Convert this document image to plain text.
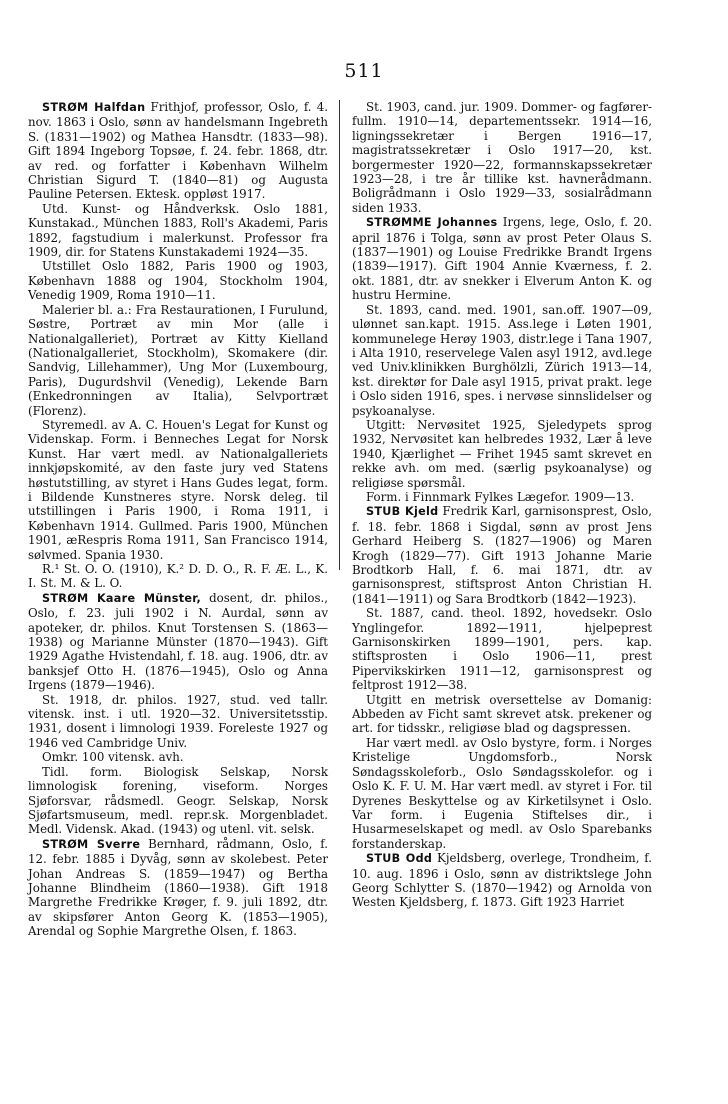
511

STRØM Halfdan Frithjof, professor, Oslo, f. 4. nov. 1863 i Oslo, sønn av handelsmann Ingebreth S. (1831—1902) og Mathea Hansdtr. (1833—98). Gift 1894 Ingeborg Topsøe, f. 24. febr. 1868, dtr. av red. og forfatter i København Wilhelm Christian Sigurd T. (1840—81) og Augusta Pauline Petersen. Ektesk. oppløst 1917.

Utd. Kunst- og Håndverksk. Oslo 1881, Kunstakad., München 1883, Roll's Akademi, Paris 1892, fagstudium i malerkunst. Professor fra 1909, dir. for Statens Kunstakademi 1924—35.

Utstillet Oslo 1882, Paris 1900 og 1903, København 1888 og 1904, Stockholm 1904, Venedig 1909, Roma 1910—11.

Malerier bl. a.: Fra Restaurationen, I Furulund, Søstre, Portræt av min Mor (alle i Nationalgalleriet), Portræt av Kitty Kielland (Nationalgalleriet, Stockholm), Skomakere (dir. Sandvig, Lillehammer), Ung Mor (Luxembourg, Paris), Dugurdshvil (Venedig), Lekende Barn (Enkedronningen av Italia), Selvportræt (Florenz).

Styremedl. av A. C. Houen's Legat for Kunst og Videnskap. Form. i Benneches Legat for Norsk Kunst. Har vært medl. av Nationalgalleriets innkjøpskomité, av den faste jury ved Statens høstutstilling, av styret i Hans Gudes legat, form. i Bildende Kunstneres styre. Norsk deleg. til utstillingen i Paris 1900, i Roma 1911, i København 1914. Gullmed. Paris 1900, München 1901, æRespris Roma 1911, San Francisco 1914, sølvmed. Spania 1930.

R.¹ St. O. O. (1910), K.² D. D. O., R. F. Æ. L., K. I. St. M. & L. O.

STRØM Kaare Münster, dosent, dr. philos., Oslo, f. 23. juli 1902 i N. Aurdal, sønn av apoteker, dr. philos. Knut Torstensen S. (1863—1938) og Marianne Münster (1870—1943). Gift 1929 Agathe Hvistendahl, f. 18. aug. 1906, dtr. av banksjef Otto H. (1876—1945), Oslo og Anna Irgens (1879—1946).

St. 1918, dr. philos. 1927, stud. ved tallr. vitensk. inst. i utl. 1920—32. Universitetsstip. 1931, dosent i limnologi 1939. Foreleste 1927 og 1946 ved Cambridge Univ.

Omkr. 100 vitensk. avh.

Tidl. form. Biologisk Selskap, Norsk limnologisk forening, viseform. Norges Sjøforsvar, rådsmedl. Geogr. Selskap, Norsk Sjøfartsmuseum, medl. repr.sk. Morgenbladet. Medl. Vidensk. Akad. (1943) og utenl. vit. selsk.

STRØM Sverre Bernhard, rådmann, Oslo, f. 12. febr. 1885 i Dyvåg, sønn av skolebest. Peter Johan Andreas S. (1859—1947) og Bertha Johanne Blindheim (1860—1938). Gift 1918 Margrethe Fredrikke Krøger, f. 9. juli 1892, dtr. av skipsfører Anton Georg K. (1853—1905), Arendal og Sophie Margrethe Olsen, f. 1863.

St. 1903, cand. jur. 1909. Dommer- og fagførerfullm. 1910—14, departementssekr. 1914—16, ligningssekretær i Bergen 1916—17, magistratssekretær i Oslo 1917—20, kst. borgermester 1920—22, formannskapssekretær 1923—28, i tre år tillike kst. havnerådmann. Boligrådmann i Oslo 1929—33, sosialrådmann siden 1933.

STRØMME Johannes Irgens, lege, Oslo, f. 20. april 1876 i Tolga, sønn av prost Peter Olaus S. (1837—1901) og Louise Fredrikke Brandt Irgens (1839—1917). Gift 1904 Annie Kværness, f. 2. okt. 1881, dtr. av snekker i Elverum Anton K. og hustru Hermine.

St. 1893, cand. med. 1901, san.off. 1907—09, ulønnet san.kapt. 1915. Ass.lege i Løten 1901, kommunelege Herøy 1903, distr.lege i Tana 1907, i Alta 1910, reservelege Valen asyl 1912, avd.lege ved Univ.klinikken Burghölzli, Zürich 1913—14, kst. direktør for Dale asyl 1915, privat prakt. lege i Oslo siden 1916, spes. i nervøse sinnslidelser og psykoanalyse.

Utgitt: Nervøsitet 1925, Sjeledypets sprog 1932, Nervøsitet kan helbredes 1932, Lær å leve 1940, Kjærlighet — Frihet 1945 samt skrevet en rekke avh. om med. (særlig psykoanalyse) og religiøse spørsmål.

Form. i Finnmark Fylkes Lægefor. 1909—13.

STUB Kjeld Fredrik Karl, garnisonsprest, Oslo, f. 18. febr. 1868 i Sigdal, sønn av prost Jens Gerhard Heiberg S. (1827—1906) og Maren Krogh (1829—77). Gift 1913 Johanne Marie Brodtkorb Hall, f. 6. mai 1871, dtr. av garnisonsprest, stiftsprost Anton Christian H. (1841—1911) og Sara Brodtkorb (1842—1923).

St. 1887, cand. theol. 1892, hovedsekr. Oslo Ynglingefor. 1892—1911, hjelpeprest Garnisonskirken 1899—1901, pers. kap. stiftsprosten i Oslo 1906—11, prest Pipervikskirken 1911—12, garnisonsprest og feltprost 1912—38.

Utgitt en metrisk oversettelse av Domanig: Abbeden av Ficht samt skrevet atsk. prekener og art. for tidsskr., religiøse blad og dagspressen.

Har vært medl. av Oslo bystyre, form. i Norges Kristelige Ungdomsforb., Norsk Søndagsskoleforb., Oslo Søndagsskolefor. og i Oslo K. F. U. M. Har vært medl. av styret i For. til Dyrenes Beskyttelse og av Kirketilsynet i Oslo. Var form. i Eugenia Stiftelses dir., i Husarmeselskapet og medl. av Oslo Sparebanks forstanderskap.

STUB Odd Kjeldsberg, overlege, Trondheim, f. 10. aug. 1896 i Oslo, sønn av distriktslege John Georg Schlytter S. (1870—1942) og Arnolda von Westen Kjeldsberg, f. 1873. Gift 1923 Harriet
